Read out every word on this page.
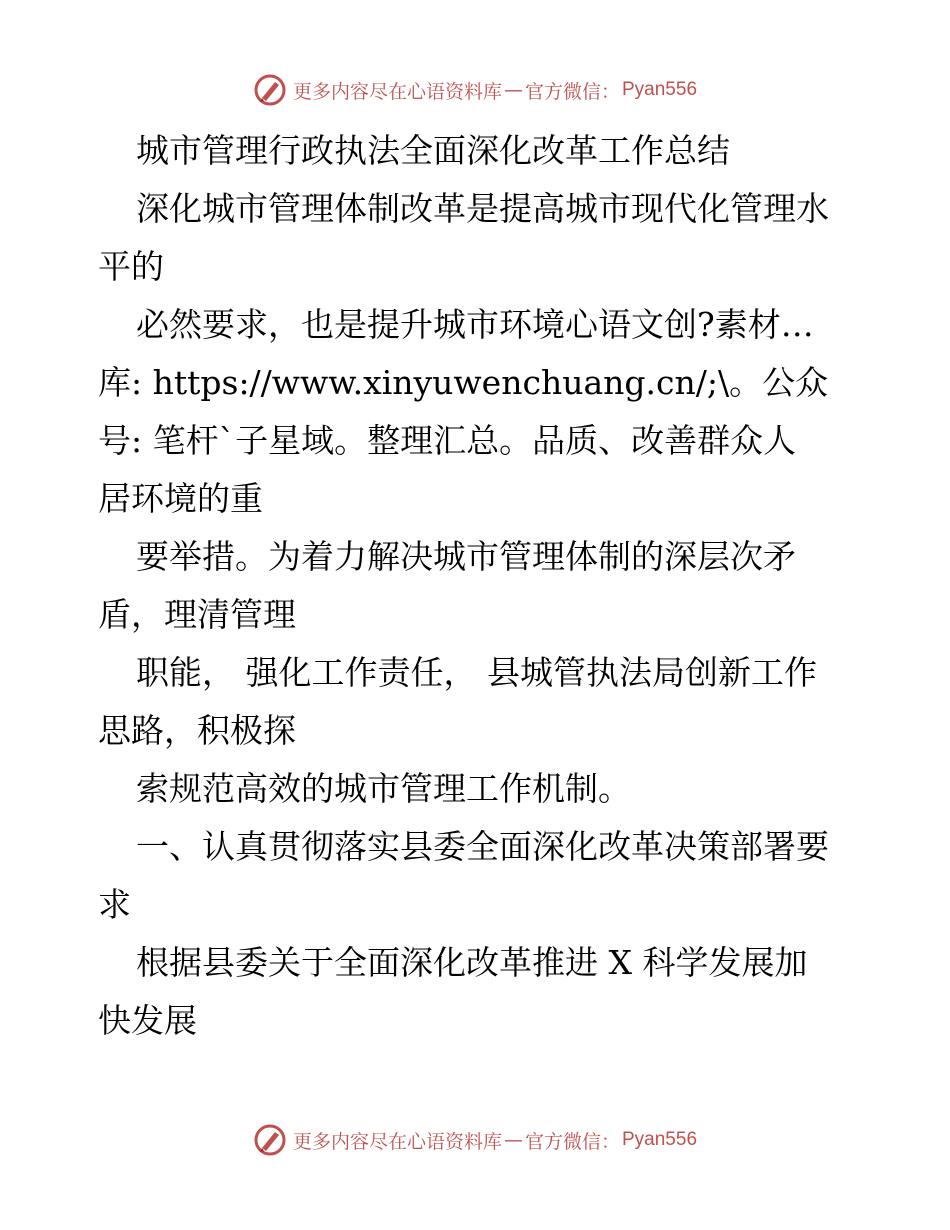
更多内容尽在心语资料库 — 官方微信： Pyan556

城市管理行政执法全面深化改革工作总结

深化城市管理体制改革是提高城市现代化管理水

平的

必然要求，也是提升城市环境心语文创?素材…

库: https://www.xinyuwenchuang.cn/;\。公众

号: 笔杆`子星域。整理汇总。品质、改善群众人

居环境的重

要举措。为着力解决城市管理体制的深层次矛

盾，理清管理

职能， 强化工作责任， 县城管执法局创新工作

思路，积极探

索规范高效的城市管理工作机制。

一、认真贯彻落实县委全面深化改革决策部署要

求

根据县委关于全面深化改革推进 X 科学发展加

快发展

更多内容尽在心语资料库 — 官方微信： Pyan556
